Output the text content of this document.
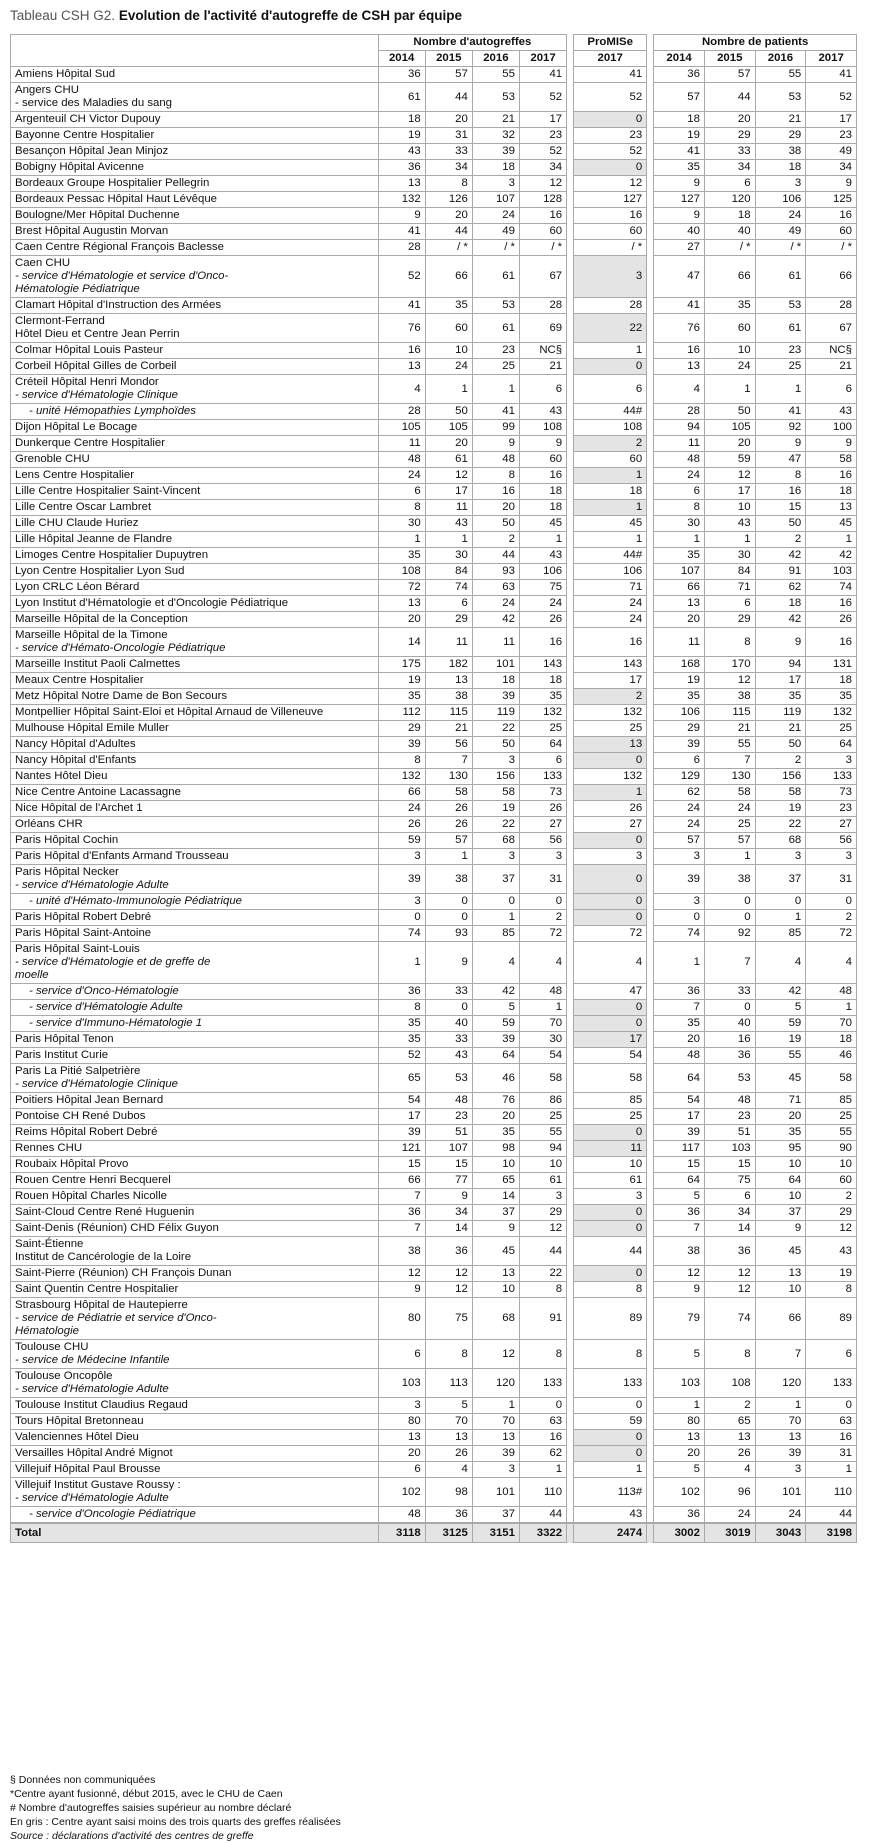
Tableau CSH G2. Evolution de l'activité d'autogreffe de CSH par équipe
	Nombre d'autogreffes					ProMISe		Nombre de patients			
	2014	2015	2016	2017		2017		2014	2015	2016	2017

Amiens Hôpital Sud	36	57	55	41		41		36	57	55	41

Angers CHU
- service des Maladies du sang	61	44	53	52		52		57	44	53	52

Argenteuil CH Victor Dupouy	18	20	21	17		0		18	20	21	17

Bayonne Centre Hospitalier	19	31	32	23		23		19	29	29	23

Besançon Hôpital Jean Minjoz	43	33	39	52		52		41	33	38	49

Bobigny Hôpital Avicenne	36	34	18	34		0		35	34	18	34

Bordeaux Groupe Hospitalier Pellegrin	13	8	3	12		12		9	6	3	9

Bordeaux Pessac Hôpital Haut Lévêque	132	126	107	128		127		127	120	106	125

Boulogne/Mer Hôpital Duchenne	9	20	24	16		16		9	18	24	16

Brest Hôpital Augustin Morvan	41	44	49	60		60		40	40	49	60

Caen Centre Régional François Baclesse	28	/ *	/ *	/ *		/ *		27	/ *	/ *	/ *

Caen CHU
- service d'Hématologie et service d'Onco-
Hématologie Pédiatrique	52	66	61	67		3		47	66	61	66

Clamart Hôpital d'Instruction des Armées	41	35	53	28		28		41	35	53	28

Clermont-Ferrand
Hôtel Dieu et Centre Jean Perrin	76	60	61	69		22		76	60	61	67

Colmar Hôpital Louis Pasteur	16	10	23	NC§		1		16	10	23	NC§

Corbeil Hôpital Gilles de Corbeil	13	24	25	21		0		13	24	25	21

Créteil Hôpital Henri Mondor
- service d'Hématologie Clinique	4	1	1	6		6		4	1	1	6

- unité Hémopathies Lymphoïdes	28	50	41	43		44#		28	50	41	43

Dijon Hôpital Le Bocage	105	105	99	108		108		94	105	92	100

Dunkerque Centre Hospitalier	11	20	9	9		2		11	20	9	9

Grenoble CHU	48	61	48	60		60		48	59	47	58

Lens Centre Hospitalier	24	12	8	16		1		24	12	8	16

Lille Centre Hospitalier Saint-Vincent	6	17	16	18		18		6	17	16	18

Lille Centre Oscar Lambret	8	11	20	18		1		8	10	15	13

Lille CHU Claude Huriez	30	43	50	45		45		30	43	50	45

Lille Hôpital Jeanne de Flandre	1	1	2	1		1		1	1	2	1

Limoges Centre Hospitalier Dupuytren	35	30	44	43		44#		35	30	42	42

Lyon Centre Hospitalier Lyon Sud	108	84	93	106		106		107	84	91	103

Lyon CRLC Léon Bérard	72	74	63	75		71		66	71	62	74

Lyon Institut d'Hématologie et d'Oncologie Pédiatrique	13	6	24	24		24		13	6	18	16

Marseille Hôpital de la Conception	20	29	42	26		24		20	29	42	26

Marseille Hôpital de la Timone
- service d'Hémato-Oncologie Pédiatrique	14	11	11	16		16		11	8	9	16

Marseille Institut Paoli Calmettes	175	182	101	143		143		168	170	94	131

Meaux Centre Hospitalier	19	13	18	18		17		19	12	17	18

Metz Hôpital Notre Dame de Bon Secours	35	38	39	35		2		35	38	35	35

Montpellier Hôpital Saint-Eloi et Hôpital Arnaud de Villeneuve	112	115	119	132		132		106	115	119	132

Mulhouse Hôpital Emile Muller	29	21	22	25		25		29	21	21	25

Nancy Hôpital d'Adultes	39	56	50	64		13		39	55	50	64

Nancy Hôpital d'Enfants	8	7	3	6		0		6	7	2	3

Nantes Hôtel Dieu	132	130	156	133		132		129	130	156	133

Nice Centre Antoine Lacassagne	66	58	58	73		1		62	58	58	73

Nice Hôpital de l'Archet 1	24	26	19	26		26		24	24	19	23

Orléans CHR	26	26	22	27		27		24	25	22	27

Paris Hôpital Cochin	59	57	68	56		0		57	57	68	56

Paris Hôpital d'Enfants Armand Trousseau	3	1	3	3		3		3	1	3	3

Paris Hôpital Necker
- service d'Hématologie Adulte	39	38	37	31		0		39	38	37	31

- unité d'Hémato-Immunologie Pédiatrique	3	0	0	0		0		3	0	0	0

Paris Hôpital Robert Debré	0	0	1	2		0		0	0	1	2

Paris Hôpital Saint-Antoine	74	93	85	72		72		74	92	85	72

Paris Hôpital Saint-Louis
- service d'Hématologie et de greffe de
moelle	1	9	4	4		4		1	7	4	4

- service d'Onco-Hématologie	36	33	42	48		47		36	33	42	48

- service d'Hématologie Adulte	8	0	5	1		0		7	0	5	1

- service d'Immuno-Hématologie 1	35	40	59	70		0		35	40	59	70

Paris Hôpital Tenon	35	33	39	30		17		20	16	19	18

Paris Institut Curie	52	43	64	54		54		48	36	55	46

Paris La Pitié Salpetrière
- service d'Hématologie Clinique	65	53	46	58		58		64	53	45	58

Poitiers Hôpital Jean Bernard	54	48	76	86		85		54	48	71	85

Pontoise CH René Dubos	17	23	20	25		25		17	23	20	25

Reims Hôpital Robert Debré	39	51	35	55		0		39	51	35	55

Rennes CHU	121	107	98	94		11		117	103	95	90

Roubaix Hôpital Provo	15	15	10	10		10		15	15	10	10

Rouen Centre Henri Becquerel	66	77	65	61		61		64	75	64	60

Rouen Hôpital Charles Nicolle	7	9	14	3		3		5	6	10	2

Saint-Cloud Centre René Huguenin	36	34	37	29		0		36	34	37	29

Saint-Denis (Réunion) CHD Félix Guyon	7	14	9	12		0		7	14	9	12

Saint-Étienne
Institut de Cancérologie de la Loire	38	36	45	44		44		38	36	45	43

Saint-Pierre (Réunion) CH François Dunan	12	12	13	22		0		12	12	13	19

Saint Quentin Centre Hospitalier	9	12	10	8		8		9	12	10	8

Strasbourg Hôpital de Hautepierre
- service de Pédiatrie et service d'Onco-
Hématologie	80	75	68	91		89		79	74	66	89

Toulouse CHU
- service de Médecine Infantile	6	8	12	8		8		5	8	7	6

Toulouse Oncopôle
- service d'Hématologie Adulte	103	113	120	133		133		103	108	120	133

Toulouse Institut Claudius Regaud	3	5	1	0		0		1	2	1	0

Tours Hôpital Bretonneau	80	70	70	63		59		80	65	70	63

Valenciennes Hôtel Dieu	13	13	13	16		0		13	13	13	16

Versailles Hôpital André Mignot	20	26	39	62		0		20	26	39	31

Villejuif Hôpital Paul Brousse	6	4	3	1		1		5	4	3	1

Villejuif Institut Gustave Roussy :
- service d'Hématologie Adulte	102	98	101	110		113#		102	96	101	110

- service d'Oncologie Pédiatrique	48	36	37	44		43		36	24	24	44
Total	3118	3125	3151	3322		2474		3002	3019	3043	3198
§ Données non communiquées
*Centre ayant fusionné, début 2015, avec le CHU de Caen
# Nombre d'autogreffes saisies supérieur au nombre déclaré
En gris : Centre ayant saisi moins des trois quarts des greffes réalisées
Source : déclarations d'activité des centres de greffe
